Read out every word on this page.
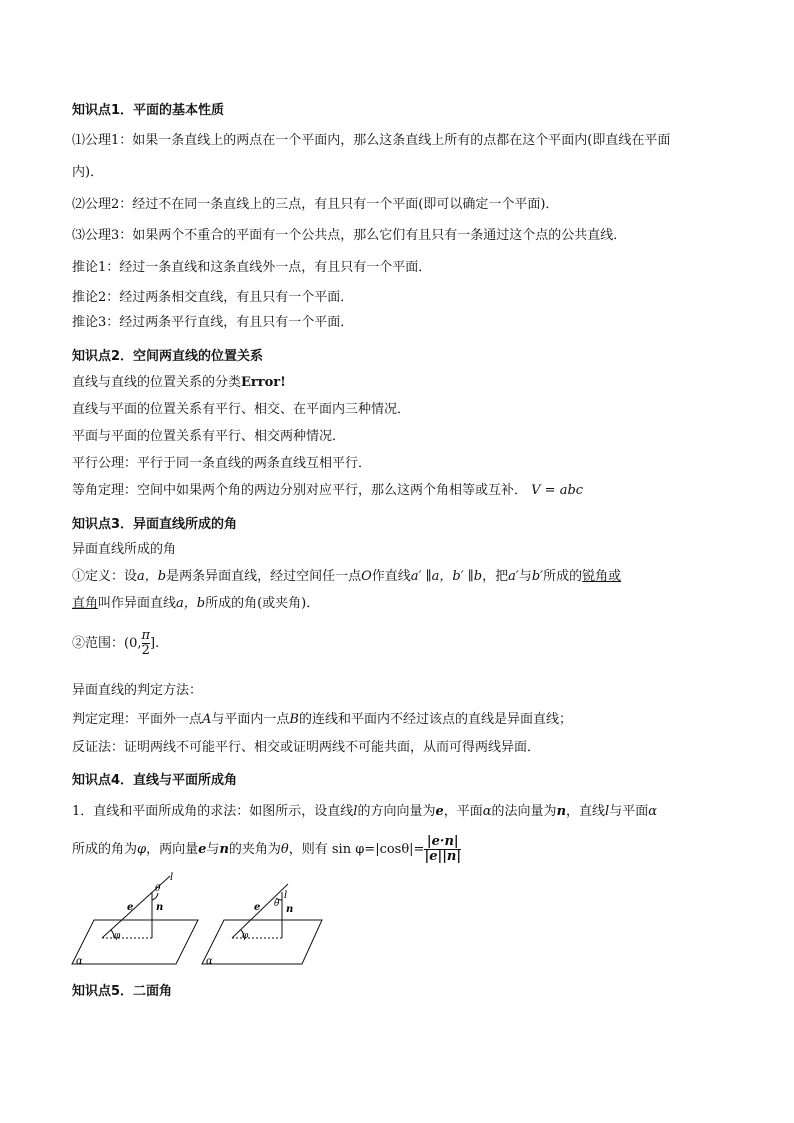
知识点1．平面的基本性质
⑴公理1：如果一条直线上的两点在一个平面内，那么这条直线上所有的点都在这个平面内(即直线在平面
内)．
⑵公理2：经过不在同一条直线上的三点，有且只有一个平面(即可以确定一个平面)．
⑶公理3：如果两个不重合的平面有一个公共点，那么它们有且只有一条通过这个点的公共直线．
推论1：经过一条直线和这条直线外一点，有且只有一个平面．
推论2：经过两条相交直线，有且只有一个平面．
推论3：经过两条平行直线，有且只有一个平面．
知识点2．空间两直线的位置关系
直线与直线的位置关系的分类Error!
直线与平面的位置关系有平行、相交、在平面内三种情况．
平面与平面的位置关系有平行、相交两种情况．
平行公理：平行于同一条直线的两条直线互相平行．
等角定理：空间中如果两个角的两边分别对应平行，那么这两个角相等或互补． V = abc
知识点3．异面直线所成的角
异面直线所成的角
①定义：设a，b是两条异面直线，经过空间任一点O作直线a′ ∥a，b′ ∥b，把a′与b′所成的锐角或
直角叫作异面直线a，b所成的角(或夹角)．
②范围：(0, $\frac{\pi}{2}$ ].
异面直线的判定方法：
判定定理：平面外一点A与平面内一点B的连线和平面内不经过该点的直线是异面直线；
反证法：证明两线不可能平行、相交或证明两线不可能共面，从而可得两线异面．
知识点4．直线与平面所成角
1．直线和平面所成角的求法：如图所示，设直线l的方向向量为e，平面α的法向量为n，直线l与平面α
所成的角为φ，两向量e与n的夹角为θ，则有 $\sin \varphi=|\cos\theta|= \frac{|e\cdot n|}{|e||n|}$
α
l
e n
θ
φ
α
l
e	n
θ
φ
知识点5．二面角
